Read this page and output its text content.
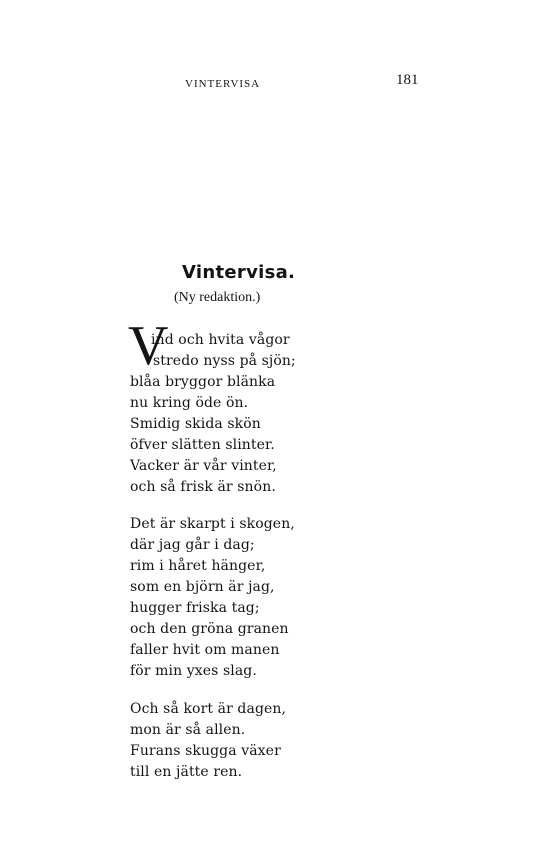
VINTERVISA	181
Vintervisa.
(Ny redaktion.)
V
ind och hvita vågor
stredo nyss på sjön;
blåa bryggor blänka
nu kring öde ön.
Smidig skida skön
öfver slätten slinter.
Vacker är vår vinter,
och så frisk är snön.
Det är skarpt i skogen,
där jag går i dag;
rim i håret hänger,
som en björn är jag,
hugger friska tag;
och den gröna granen
faller hvit om manen
för min yxes slag.
Och så kort är dagen,
mon är så allen.
Furans skugga växer
till en jätte ren.
